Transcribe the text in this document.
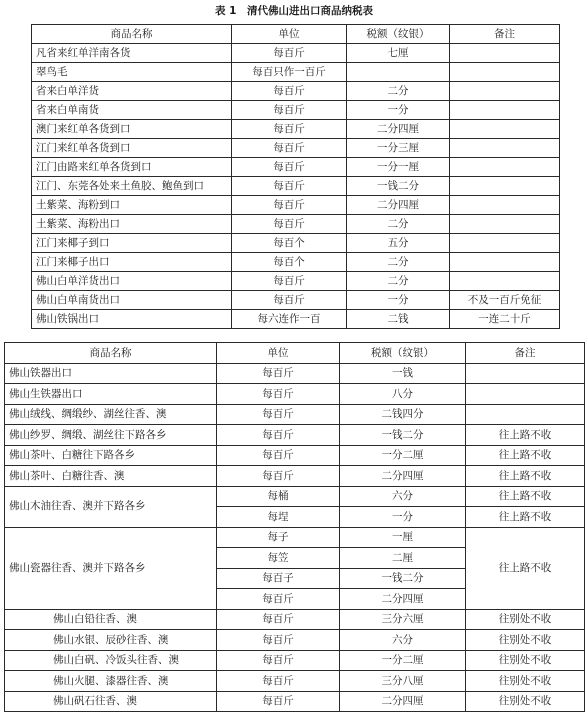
表 1　清代佛山进出口商品纳税表
商品名称	单位	税额（纹银）	备注
凡省来红单洋南各货	每百斤	七厘	
翠鸟毛	每百只作一百斤		
省来白单洋货	每百斤	二分	
省来白单南货	每百斤	一分	
澳门来红单各货到口	每百斤	二分四厘	
江门来红单各货到口	每百斤	一分三厘	
江门由路来红单各货到口	每百斤	一分一厘	
江门、东莞各处来土鱼胶、鲍鱼到口	每百斤	一钱二分	
土紫菜、海粉到口	每百斤	二分四厘	
土紫菜、海粉出口	每百斤	二分	
江门来椰子到口	每百个	五分	
江门来椰子出口	每百个	二分	
佛山白单洋货出口	每百斤	二分	
佛山白单南货出口	每百斤	一分	不及一百斤免征
佛山铁锅出口	每六连作一百	二钱	一连二十斤
商品名称	单位	税额（纹银）	备注
佛山铁器出口	每百斤	一钱	
佛山生铁器出口	每百斤	八分	
佛山绒线、绸缎纱、湖丝往香、澳	每百斤	二钱四分	
佛山纱罗、绸缎、湖丝往下路各乡	每百斤	一钱二分	往上路不收
佛山茶叶、白糖往下路各乡	每百斤	一分二厘	往上路不收
佛山茶叶、白糖往香、澳	每百斤	二分四厘	往上路不收
佛山木油往香、澳并下路各乡	每桶	六分	往上路不收
	每埕	一分	往上路不收
佛山瓷器往香、澳并下路各乡	每子	一厘	往上路不收
	每笠	二厘	
	每百子	一钱二分	
	每百斤	二分四厘	
佛山白铅往香、澳	每百斤	三分六厘	往别处不收
佛山水银、辰砂往香、澳	每百斤	六分	往别处不收
佛山白矾、冷饭头往香、澳	每百斤	一分二厘	往别处不收
佛山火腿、漆器往香、澳	每百斤	三分八厘	往别处不收
佛山矾石往香、澳	每百斤	二分四厘	往别处不收
